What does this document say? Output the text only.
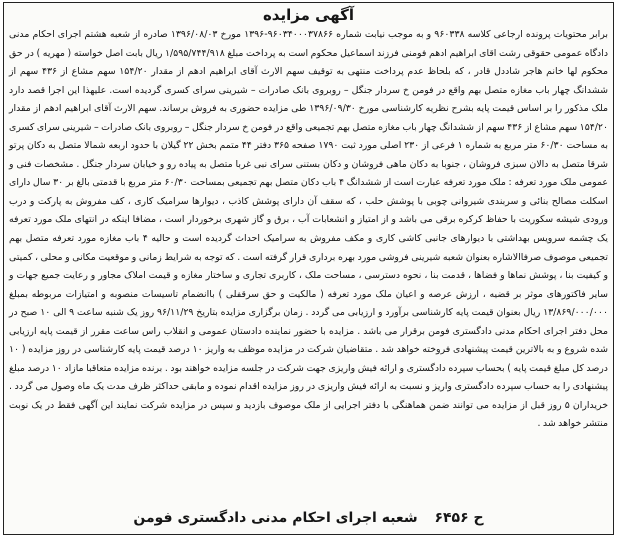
آگهی مزایده
برابر محتویات پرونده ارجاعی کلاسه ۹۶۰۳۳۸ و به موجب نیابت شماره ۹۶۰۳۴۰۰۰۳۷۸۶۶-۱۳۹۶ مورخ ۱۳۹۶/۰۸/۰۳ صادره از شعبه هشتم اجرای احکام مدنی دادگاه عمومی حقوقی رشت اقای ابراهیم ادهم فومنی فرزند اسماعیل محکوم است به پرداخت مبلغ ۱/۵۹۵/۷۴۴/۹۱۸ ریال بابت اصل خواسته ( مهریه ) در حق محکوم لها خانم هاجر شاددل قادر ، که بلحاظ عدم پرداخت منتهی به توقیف سهم الارث آقای ابراهیم ادهم از مقدار ۱۵۴/۲۰ سهم مشاع از ۴۳۶ سهم از ششدانگ چهار باب مغازه متصل بهم واقع در فومن خ سردار جنگل – روبروی بانک صادرات – شیرینی سرای کسری گردیده است. علیهذا این اجرا قصد دارد ملک مذکور را بر اساس قیمت پایه بشرح نظریه کارشناسی مورخ ۱۳۹۶/۰۹/۳۰ طی مزایده حضوری به فروش برساند. سهم الارث آقای ابراهیم ادهم از مقدار ۱۵۴/۲۰ سهم مشاع از ۴۳۶ سهم از ششدانگ چهار باب مغازه متصل بهم تجمیعی واقع در فومن خ سردار جنگل – روبروی بانک صادرات – شیرینی سرای کسری به مساحت ۶۰/۳۰ متر مربع به شماره ۱ فرعی از ۲۳۰ اصلی مورد ثبت ۱۷۹۰ صفحه ۳۶۵ دفتر ۴۴ متمم بخش ۲۲ گیلان با حدود اربعه شمالا متصل به دکان پرتو شرقا متصل به دالان سبزی فروشان ، جنوبا به دکان ماهی فروشان و دکان بستنی سرای نبی غربا متصل به پیاده رو و خیابان سردار جنگل . مشخصات فنی و عمومی ملک مورد تعرفه : ملک مورد تعرفه عبارت است از ششدانگ ۴ باب دکان متصل بهم تجمیعی بمساحت ۶۰/۳۰ متر مربع با قدمتی بالغ بر ۳۰ سال دارای اسکلت مصالح بنائی و سربندی شیروانی چوبی با پوشش حلب ، که سقف آن دارای پوشش کاذب ، دیوارها سرامیک کاری ، کف مفروش به پارکت و درب ورودی شیشه سکوریت با حفاظ کرکره برقی می باشد و از امتیاز و انشعابات آب ، برق و گاز شهری برخوردار است ، مضافا اینکه در انتهای ملک مورد تعرفه یک چشمه سرویس بهداشتی با دیوارهای جانبی کاشی کاری و مکف مفروش به سرامیک احداث گردیده است و حالیه ۴ باب مغازه مورد تعرفه متصل بهم تجمیعی موصوف صرفاالاشاره بعنوان شعبه شیرینی فروشی مورد بهره برداری قرار گرفته است . که توجه به شرایط زمانی و موقعیت مکانی و محلی ، کمیتی و کیفیت بنا ، پوشش نماها و فضاها ، قدمت بنا ، نحوه دسترسی ، مساحت ملک ، کاربری تجاری و ساختار مغازه و قیمت املاک مجاور و رعایت جمیع جهات و سایر فاکتورهای موثر بر قضیه ، ارزش عرصه و اعیان ملک مورد تعرفه ( مالکیت و حق سرقفلی ) باانضمام تاسیسات منصوبه و امتیازات مربوطه بمبلغ ۱۳/۸۶۹/۰۰۰/۰۰۰ ریال بعنوان قیمت پایه کارشناسی برآورد و ارزیابی می گردد . زمان برگزاری مزایده بتاریخ ۹۶/۱۱/۲۹ روز یک شنبه ساعت ۹ الی ۱۰ صبح در محل دفتر اجرای احکام مدنی دادگستری فومن برقرار می باشد . مزایده با حضور نماینده دادستان عمومی و انقلاب راس ساعت مقرر از قیمت پایه ارزیابی شده شروع و به بالاترین قیمت پیشنهادی فروخته خواهد شد . متقاضیان شرکت در مزایده موظف به واریز ۱۰ درصد قیمت پایه کارشناسی در روز مزایده ( ۱۰ درصد کل مبلغ قیمت پایه ) بحساب سپرده دادگستری و ارائه فیش واریزی جهت شرکت در جلسه مزایده خواهند بود . برنده مزایده متعاقبا مازاد ۱۰ درصد مبلغ پیشنهادی را به حساب سپرده دادگستری واریز و نسبت به ارائه فیش واریزی در روز مزایده اقدام نموده و مابقی حداکثر ظرف مدت یک ماه وصول می گردد . خریداران ۵ روز قبل از مزایده می توانند ضمن هماهنگی با دفتر اجرایی از ملک موصوف بازدید و سپس در مزایده شرکت نمایند این آگهی فقط در یک نوبت منتشر خواهد شد .
ح ۶۴۵۶ شعبه اجرای احکام مدنی دادگستری فومن
